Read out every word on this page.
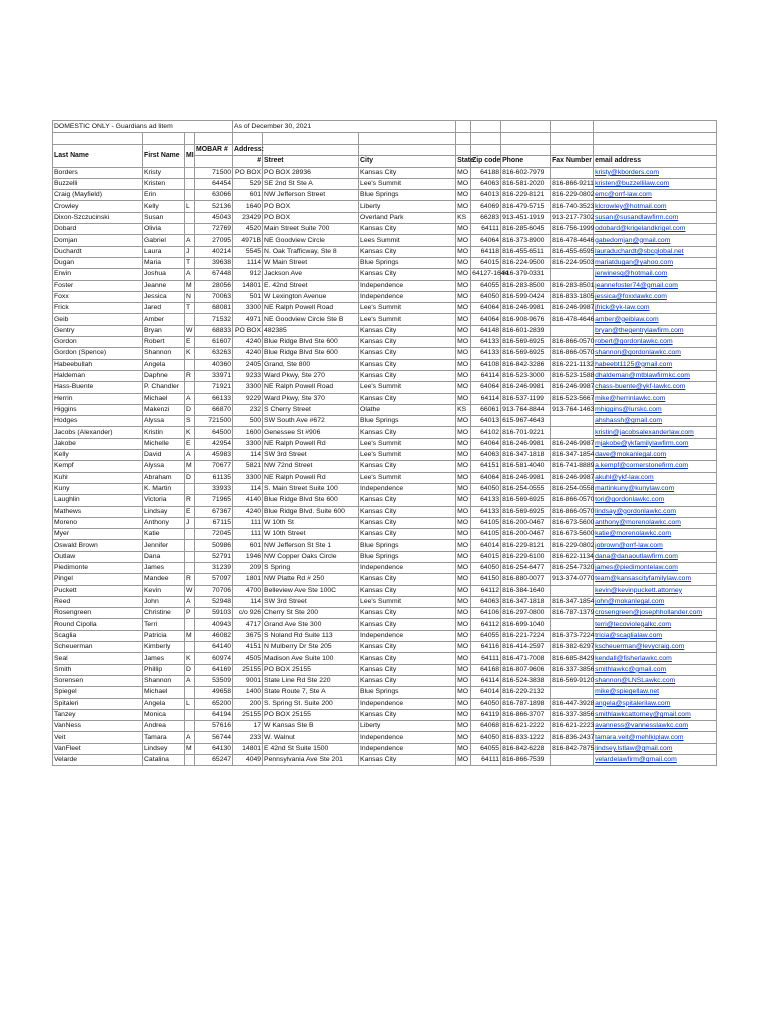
DOMESTIC ONLY - Guardians ad litem				As of December 30, 2021							

Last Name	First Name	MI	MOBAR #	Address:							
				#	Street	City	State	Zip code	Phone	Fax Number	email address
Borders	Kristy		71500	PO BOX	PO BOX 28936	Kansas City	MO	64188	816-602-7979		kristy@kborders.com
Buzzelli	Kristen		64454	529	SE 2nd St Ste A	Lee's Summit	MO	64063	816-581-2020	816-866-9211	kristen@buzzellilaw.com
Craig (Mayfield)	Erin		63066	601	NW Jefferson Street	Blue Springs	MO	64013	816-229-8121	816-229-0802	emc@orrf-law.com
Crowley	Kelly	L	52136	1640	PO BOX	Liberty	MO	64069	816-479-5715	816-740-3523	klcrowley@hotmail.com
Dixon-Szczucinski	Susan		45043	23429	PO BOX	Overland Park	KS	66283	913-451-1919	913-217-7302	susan@susandlawfirm.com
Dobard	Olivia		72769	4520	Main Street Suite 700	Kansas City	MO	64111	816-285-6045	816-756-1999	odobard@krigelandkrigel.com
Domjan	Gabriel	A	27095	4971B	NE Goodview Circle	Lees Summit	MO	64064	816-373-8900	816-478-4646	gabedomjan@gmail.com
Duchardt	Laura	J	40214	5545	N. Oak Trafficway, Ste 8	Kansas City	MO	64118	816-455-6511	816-455-6595	lauraduchardt@sbcglobal.net
Dugan	Maria	T	39638	1114	W Main Street	Blue Springs	MO	64015	816-224-9500	816-224-9503	mariatdugan@yahoo.com
Erwin	Joshua	A	67448	912	Jackson Ave	Kansas City	MO	64127-1644	816-379-0331		jerwinesq@hotmail.com
Foster	Jeanne	M	28056	14801	E. 42nd Street	Independence	MO	64055	816-283-8500	816-283-8501	jeannefoster74@gmail.com
Foxx	Jessica	N	70063	501	W Lexington Avenue	Independence	MO	64050	816-599-0424	816-833-1805	jessica@foxxlawkc.com
Frick	Jared	T	68081	3300	NE Ralph Powell Road	Lee's Summit	MO	64064	816-246-9981	816-246-9987	jfrick@yk-law.com
Geib	Amber		71532	4971	NE Goodview Circle Ste B	Lee's Summit	MO	64064	816-908-9676	816-478-4646	amber@geiblaw.com
Gentry	Bryan	W	68833	PO BOX	482385	Kansas City	MO	64148	816-601-2839		bryan@thegentrylawfirm.com
Gordon	Robert	E	61607	4240	Blue Ridge Blvd Ste 600	Kansas City	MO	64133	816-569-6925	816-866-0570	robert@gordonlawkc.com
Gordon (Spence)	Shannon	K	63263	4240	Blue Ridge Blvd Ste 600	Kansas City	MO	64133	816-569-6925	816-866-0570	shannon@gordonlawkc.com
Habeebullah	Angela		40360	2405	Grand, Ste 800	Kansas City	MO	64108	816-842-3286	816-221-1132	habeebt1125@gmail.com
Haldeman	Daphne	R	33971	9233	Ward Pkwy, Ste 270	Kansas City	MO	64114	816-523-3000	816-523-1588	dhaldeman@mtblawfirmkc.com
Hass-Buente	P. Chandler		71921	3300	NE Ralph Powell Road	Lee's Summit	MO	64064	816-246-9981	816-246-9987	chass-buente@ykf-lawkc.com
Herrin	Michael	A	66133	9229	Ward Pkwy, Ste 370	Kansas City	MO	64114	816-537-1199	816-523-5667	mike@herrinlawkc.com
Higgins	Makenzi	D	66870	232	S Cherry Street	Olathe	KS	66061	913-764-8844	913-764-1463	mhiggins@lurskc.com
Hodges	Alyssa	S	721500	500	SW South Ave #672	Blue Springs	MO	64013	615-967-4643		ahshassh@gmail.com
Jacobs (Alexander)	Kristin	K	64500	1600	Genessee St #906	Kansas City	MO	64102	816-701-9221		kristin@jacobsalexanderlaw.com
Jakobe	Michelle	E	42954	3300	NE Ralph Powell Rd	Lee's Summit	MO	64064	816-246-9981	816-246-9987	mjakobe@ykfamilylawfirm.com
Kelly	David	A	45983	114	SW 3rd Street	Lee's Summit	MO	64063	816-347-1818	816-347-1854	dave@mokanlegal.com
Kempf	Alyssa	M	70677	5821	NW 72nd Street	Kansas City	MO	64151	816-581-4040	816-741-8889	a.kempf@cornerstonefirm.com
Kuhl	Abraham	D	61135	3300	NE Ralph Powell Rd	Lee's Summit	MO	64064	816-246-9981	816-246-9987	akuhl@ykf-law.com
Kuny	K. Martin		33933	114	S. Main Street Suite 100	Independence	MO	64050	816-254-0555	816-254-0558	martinkuny@kunylaw.com
Laughlin	Victoria	R	71965	4140	Blue Ridge Blvd Ste 600	Kansas City	MO	64133	816-569-6925	816-866-0570	tori@gordonlawkc.com
Mathews	Lindsay	E	67367	4240	Blue Ridge Blvd. Suite 600	Kansas City	MO	64133	816-569-6925	816-866-0570	lindsay@gordonlawkc.com
Moreno	Anthony	J	67115	111	W 10th St	Kansas City	MO	64105	816-200-0467	816-673-5600	anthony@morenolawkc.com
Myer	Katie		72045	111	W 10th Street	Kansas City	MO	64105	816-200-0467	816-673-5600	katie@morenolawkc.com
Oswald Brown	Jennifer		50986	601	NW Jefferson St Ste 1	Blue Springs	MO	64014	816-229-8121	816-229-0802	jobrown@orrf-law.com
Outlaw	Dana		52791	1946	NW Copper Oaks Circle	Blue Springs	MO	64015	816-229-6100	816-622-1134	dana@danaoutlawfirm.com
Piedimonte	James		31239	209	S Spring	Independence	MO	64050	816-254-6477	816-254-7320	james@piedimontelaw.com
Pingel	Mandee	R	57097	1801	NW Platte Rd # 250	Kansas City	MO	64150	816-880-0077	913-374-0770	team@kansascityfamilylaw.com
Puckett	Kevin	W	70706	4700	Belleview Ave Ste 100C	Kansas City	MO	64112	816-384-1640		kevin@kevinpuckett.attorney
Reed	John	A	52948	114	SW 3rd Street	Lee's Summit	MO	64063	816-347-1818	816-347-1854	john@mokanlegal.com
Rosengreen	Christine	P	59103	c/o 926	Cherry St Ste 200	Kansas City	MO	64106	816-297-0800	816-787-1379	crosengreen@josephhollander.com
Round Cipolla	Terri		40943	4717	Grand Ave Ste 300	Kansas City	MO	64112	816-699-1040		terri@tecoviolegalkc.com
Scaglia	Patricia	M	46082	3675	S Noland Rd Suite 113	Independence	MO	64055	816-221-7224	816-373-7224	tricia@scaglialaw.com
Scheuerman	Kimberly		64140	4151	N Mulberry Dr Ste 205	Kansas City	MO	64116	816-414-2597	816-382-6297	kscheuerman@levycraig.com
Seal	James	K	60974	4505	Madison Ave Suite 100	Kansas City	MO	64111	816-471-7008	816-685-8429	kendall@fisherlawkc.com
Smith	Phillip	D	64169	25155	PO BOX 25155	Kansas City	MO	64168	816-807-9606	816-337-3856	smithlawkc@gmail.com
Sorensen	Shannon	A	53509	9001	State Line Rd Ste 220	Kansas City	MO	64114	816-524-3838	816-569-9120	shannon@LNSLawkc.com
Spiegel	Michael		49658	1400	State Route 7, Ste A	Blue Springs	MO	64014	816-229-2132		mike@spiegellaw.net
Spitaleri	Angela	L	65200	200	S. Spring St. Suite 200	Independence	MO	64050	816-787-1898	816-447-3928	angela@spitalerilaw.com
Tanzey	Monica		64194	25155	PO BOX 25155	Kansas City	MO	64119	816-866-3707	816-337-3856	smithlawkcattorney@gmail.com
VanNess	Andrea		57616	17	W Kansas Ste B	Liberty	MO	64068	816-621-2222	816-621-2223	avanness@vannesslawkc.com
Veit	Tamara	A	56744	233	W. Walnut	Independence	MO	64050	816-833-1222	816-836-2437	tamara.veit@mehlkiplaw.com
VanFleet	Lindsey	M	64130	14801	E 42nd St Suite 1500	Independence	MO	64055	816-842-6228	816-842-7875	lindsey.lstlaw@gmail.com
Velarde	Catalina		65247	4049	Pennsylvania Ave Ste 201	Kansas City	MO	64111	816-866-7539		velardelawfirm@gmail.com
